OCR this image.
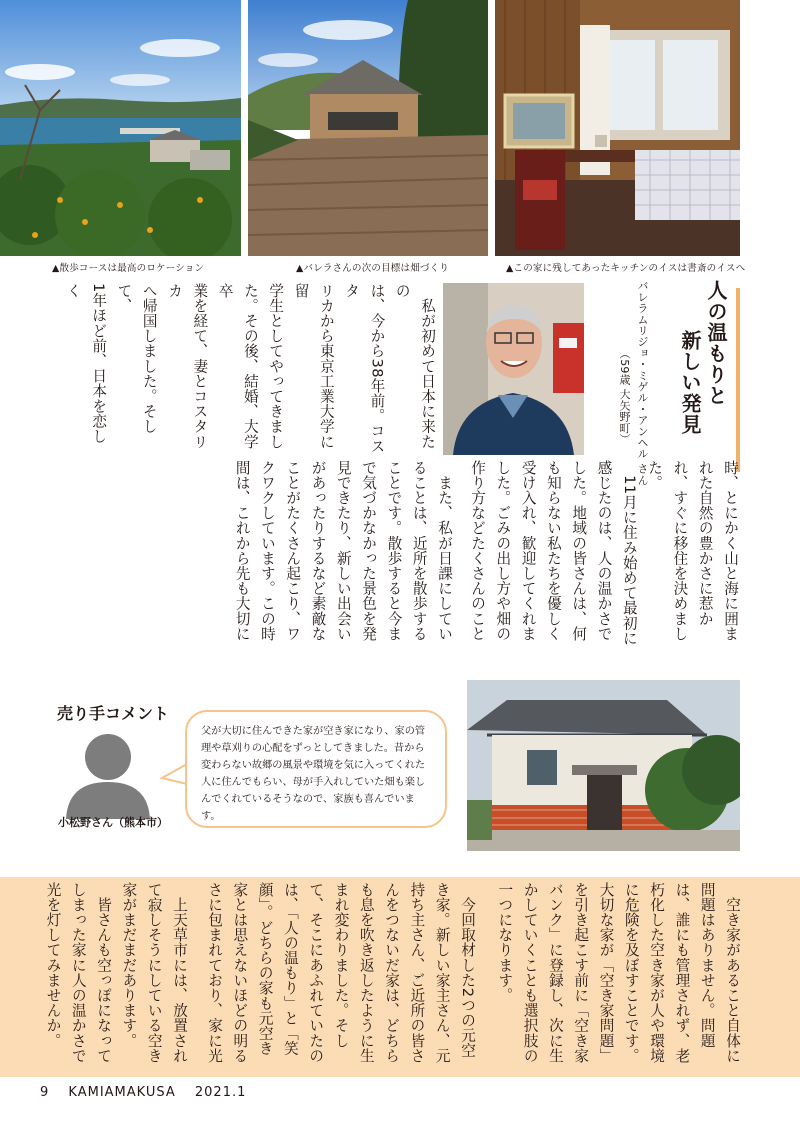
▲散歩コースは最高のロケーション	▲バレラさんの次の目標は畑づくり	▲この家に残してあったキッチンのイスは書斎のイスへ
人の温もりと
新しい発見
バレラムリジョ・ミゲル・アンヘル さん
（59歳 大矢野町）
時、とにかく山と海に囲ま
れた自然の豊かさに惹か
れ、すぐに移住を決めまし
た。
　11月に住み始めて最初に
感じたのは、人の温かさで
した。地域の皆さんは、何
も知らない私たちを優しく
受け入れ、歓迎してくれま
した。ごみの出し方や畑の
作り方などたくさんのこと

　また、私が日課にしてい
ることは、近所を散歩する
ことです。散歩すると今ま
で気づかなかった景色を発
見できたり、新しい出会い
があったりするなど素敵な
ことがたくさん起こり、ワ
クワクしています。この時
間は、これから先も大切に

　私が初めて日本に来たの
は、今から38年前。コスタ
リカから東京工業大学に留
学生としてやってきまし
た。その後、結婚、大学卒
業を経て、妻とコスタリカ
へ帰国しました。そして、
1年ほど前、日本を恋しく

売り手コメント
小松野さん（熊本市）
父が大切に住んできた家が空き家になり、家の管理や草刈りの心配をずっとしてきました。昔から変わらない故郷の風景や環境を気に入ってくれた人に住んでもらい、母が手入れしていた畑も楽しんでくれているそうなので、家族も喜んでいます。
　空き家があること自体に
問題はありません。問題
は、誰にも管理されず、老
朽化した空き家が人や環境
に危険を及ぼすことです。
大切な家が「空き家問題」
を引き起こす前に「空き家
バンク」に登録し、次に生
かしていくことも選択肢の
一つになります。
　今回取材した2つの元空
き家。新しい家主さん、元
持ち主さん、ご近所の皆さ
んをつないだ家は、どちら
も息を吹き返したように生
まれ変わりました。そし
て、そこにあふれていたの
は、「人の温もり」と「笑
顔」。どちらの家も元空き
家とは思えないほどの明る
さに包まれており、家に光

　上天草市には、放置され
て寂しそうにしている空き
家がまだまだあります。
　皆さんも空っぽになって
しまった家に人の温かさで
光を灯してみませんか。
9 KAMIAMAKUSA 2021.1
